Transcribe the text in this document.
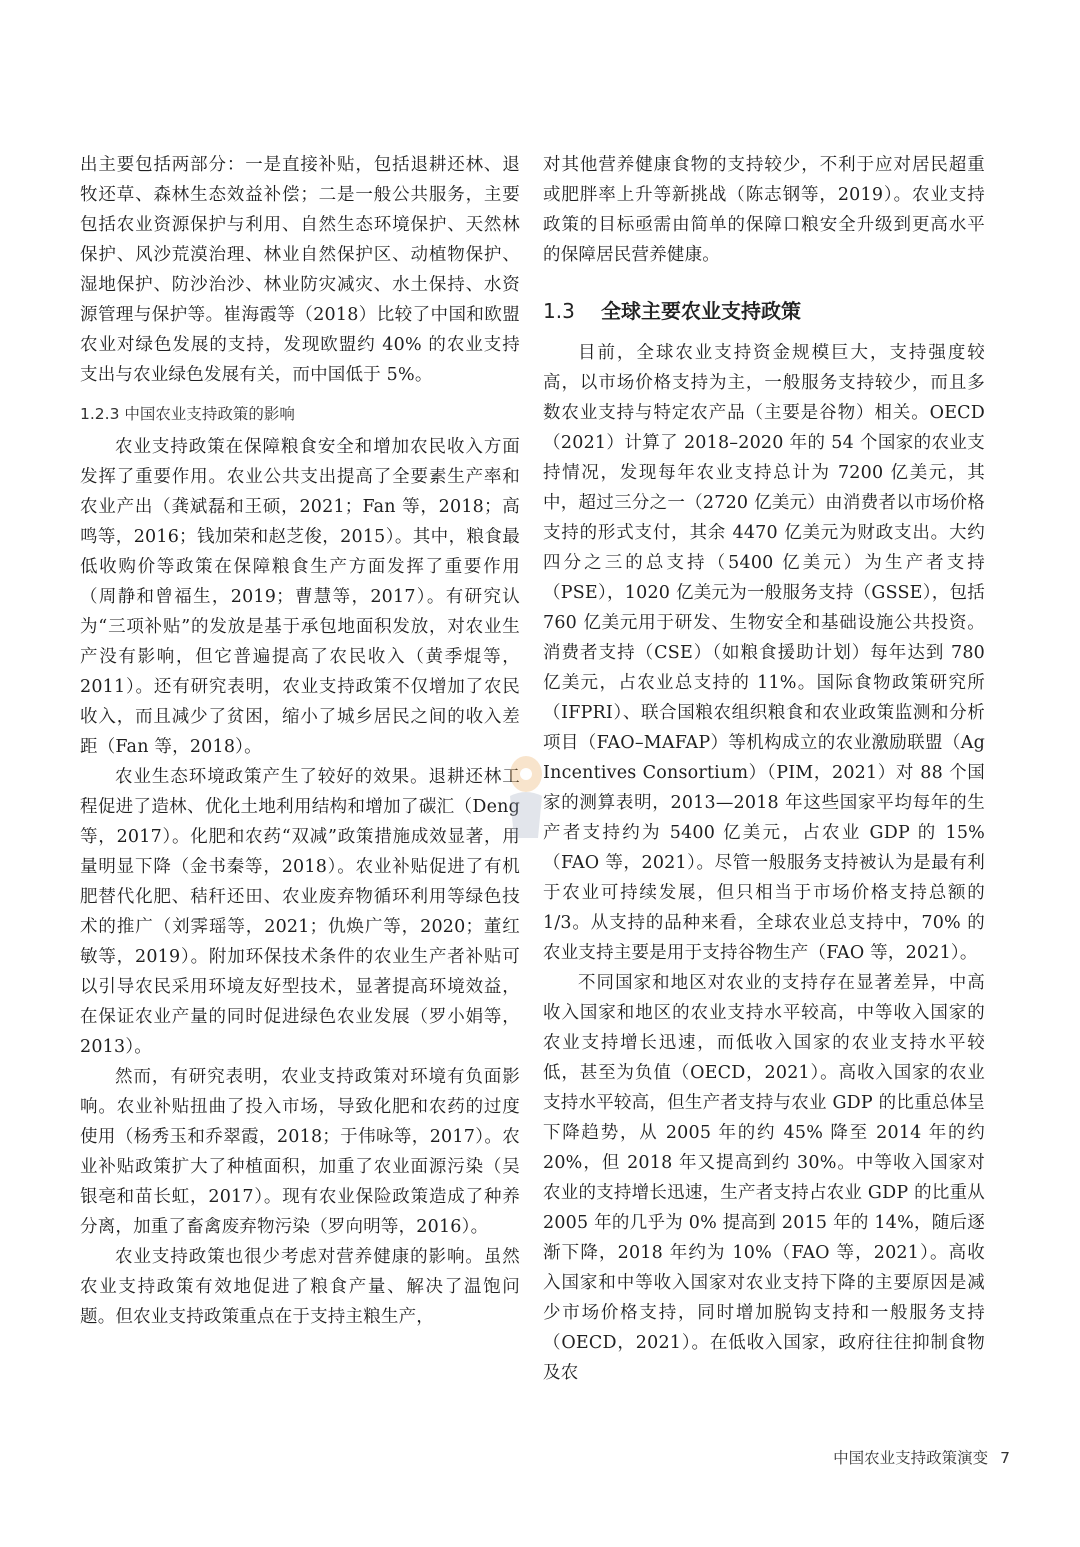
出主要包括两部分：一是直接补贴，包括退耕还林、退牧还草、森林生态效益补偿；二是一般公共服务，主要包括农业资源保护与利用、自然生态环境保护、天然林保护、风沙荒漠治理、林业自然保护区、动植物保护、湿地保护、防沙治沙、林业防灾减灾、水土保持、水资源管理与保护等。崔海霞等（2018）比较了中国和欧盟农业对绿色发展的支持，发现欧盟约 40% 的农业支持支出与农业绿色发展有关，而中国低于 5%。

1.2.3 中国农业支持政策的影响

农业支持政策在保障粮食安全和增加农民收入方面发挥了重要作用。农业公共支出提高了全要素生产率和农业产出（龚斌磊和王硕，2021；Fan 等，2018；高鸣等，2016；钱加荣和赵芝俊，2015）。其中，粮食最低收购价等政策在保障粮食生产方面发挥了重要作用（周静和曾福生，2019；曹慧等，2017）。有研究认为“三项补贴”的发放是基于承包地面积发放，对农业生产没有影响，但它普遍提高了农民收入（黄季焜等，2011）。还有研究表明，农业支持政策不仅增加了农民收入，而且减少了贫困，缩小了城乡居民之间的收入差距（Fan 等，2018）。

农业生态环境政策产生了较好的效果。退耕还林工程促进了造林、优化土地利用结构和增加了碳汇（Deng 等，2017）。化肥和农药“双减”政策措施成效显著，用量明显下降（金书秦等，2018）。农业补贴促进了有机肥替代化肥、秸秆还田、农业废弃物循环利用等绿色技术的推广（刘霁瑶等，2021；仇焕广等，2020；董红敏等，2019）。附加环保技术条件的农业生产者补贴可以引导农民采用环境友好型技术，显著提高环境效益，在保证农业产量的同时促进绿色农业发展（罗小娟等，2013）。

然而，有研究表明，农业支持政策对环境有负面影响。农业补贴扭曲了投入市场，导致化肥和农药的过度使用（杨秀玉和乔翠霞，2018；于伟咏等，2017）。农业补贴政策扩大了种植面积，加重了农业面源污染（吴银亳和苗长虹，2017）。现有农业保险政策造成了种养分离，加重了畜禽废弃物污染（罗向明等，2016）。

农业支持政策也很少考虑对营养健康的影响。虽然农业支持政策有效地促进了粮食产量、解决了温饱问题。但农业支持政策重点在于支持主粮生产，

对其他营养健康食物的支持较少，不利于应对居民超重或肥胖率上升等新挑战（陈志钢等，2019）。农业支持政策的目标亟需由简单的保障口粮安全升级到更高水平的保障居民营养健康。

1.3 全球主要农业支持政策

目前，全球农业支持资金规模巨大，支持强度较高，以市场价格支持为主，一般服务支持较少，而且多数农业支持与特定农产品（主要是谷物）相关。OECD（2021）计算了 2018–2020 年的 54 个国家的农业支持情况，发现每年农业支持总计为 7200 亿美元，其中，超过三分之一（2720 亿美元）由消费者以市场价格支持的形式支付，其余 4470 亿美元为财政支出。大约四分之三的总支持（5400 亿美元）为生产者支持（PSE），1020 亿美元为一般服务支持（GSSE），包括 760 亿美元用于研发、生物安全和基础设施公共投资。消费者支持（CSE）（如粮食援助计划）每年达到 780 亿美元，占农业总支持的 11%。国际食物政策研究所（IFPRI）、联合国粮农组织粮食和农业政策监测和分析项目（FAO–MAFAP）等机构成立的农业激励联盟（Ag Incentives Consortium）（PIM，2021）对 88 个国家的测算表明，2013—2018 年这些国家平均每年的生产者支持约为 5400 亿美元，占农业 GDP 的 15%（FAO 等，2021）。尽管一般服务支持被认为是最有利于农业可持续发展，但只相当于市场价格支持总额的 1/3。从支持的品种来看，全球农业总支持中，70% 的农业支持主要是用于支持谷物生产（FAO 等，2021）。

不同国家和地区对农业的支持存在显著差异，中高收入国家和地区的农业支持水平较高，中等收入国家的农业支持增长迅速，而低收入国家的农业支持水平较低，甚至为负值（OECD，2021）。高收入国家的农业支持水平较高，但生产者支持与农业 GDP 的比重总体呈下降趋势，从 2005 年的约 45% 降至 2014 年的约 20%，但 2018 年又提高到约 30%。中等收入国家对农业的支持增长迅速，生产者支持占农业 GDP 的比重从 2005 年的几乎为 0% 提高到 2015 年的 14%，随后逐渐下降，2018 年约为 10%（FAO 等，2021）。高收入国家和中等收入国家对农业支持下降的主要原因是减少市场价格支持，同时增加脱钩支持和一般服务支持（OECD，2021）。在低收入国家，政府往往抑制食物及农

中国农业支持政策演变 7
